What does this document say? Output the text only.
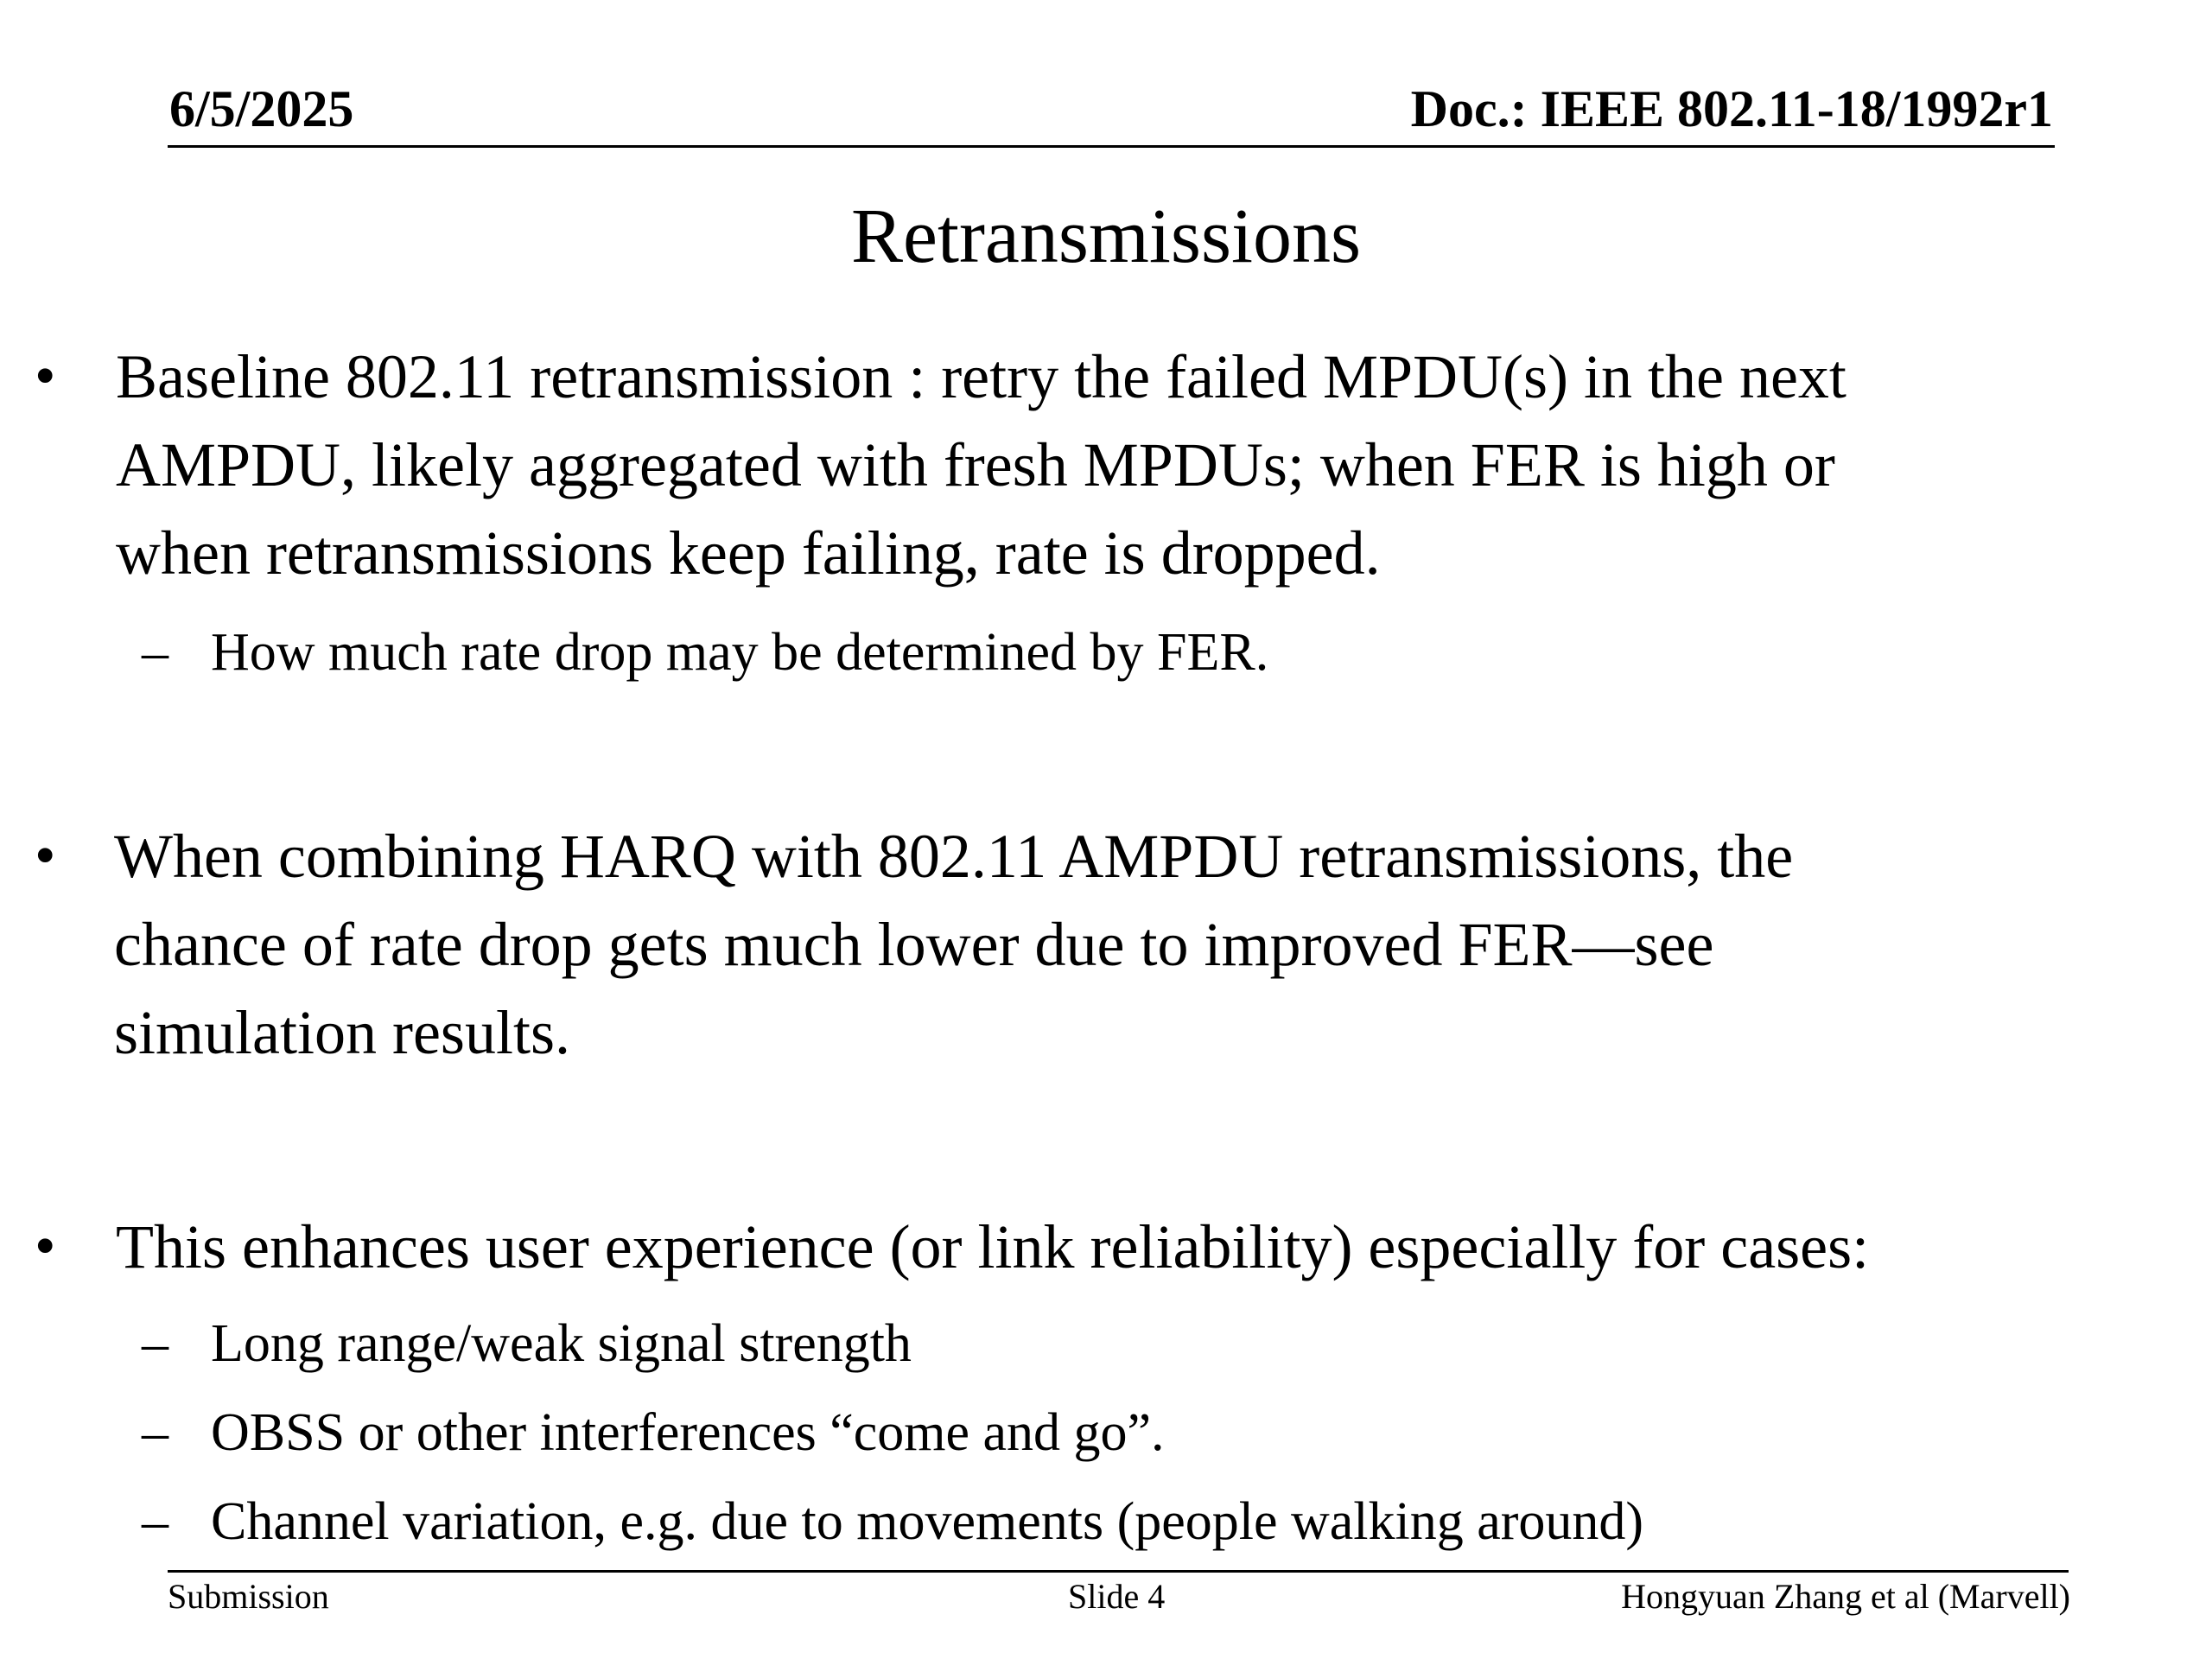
6/5/2025	Doc.: IEEE 802.11-18/1992r1
Retransmissions
• Baseline 802.11 retransmission : retry the failed MPDU(s) in the next
AMPDU, likely aggregated with fresh MPDUs; when FER is high or
when retransmissions keep failing, rate is dropped.
– How much rate drop may be determined by FER.
• When combining HARQ with 802.11 AMPDU retransmissions, the
chance of rate drop gets much lower due to improved FER—see
simulation results.
• This enhances user experience (or link reliability) especially for cases:
– Long range/weak signal strength
– OBSS or other interferences “come and go”.
– Channel variation, e.g. due to movements (people walking around)
Submission	Slide 4	Hongyuan Zhang et al (Marvell)
